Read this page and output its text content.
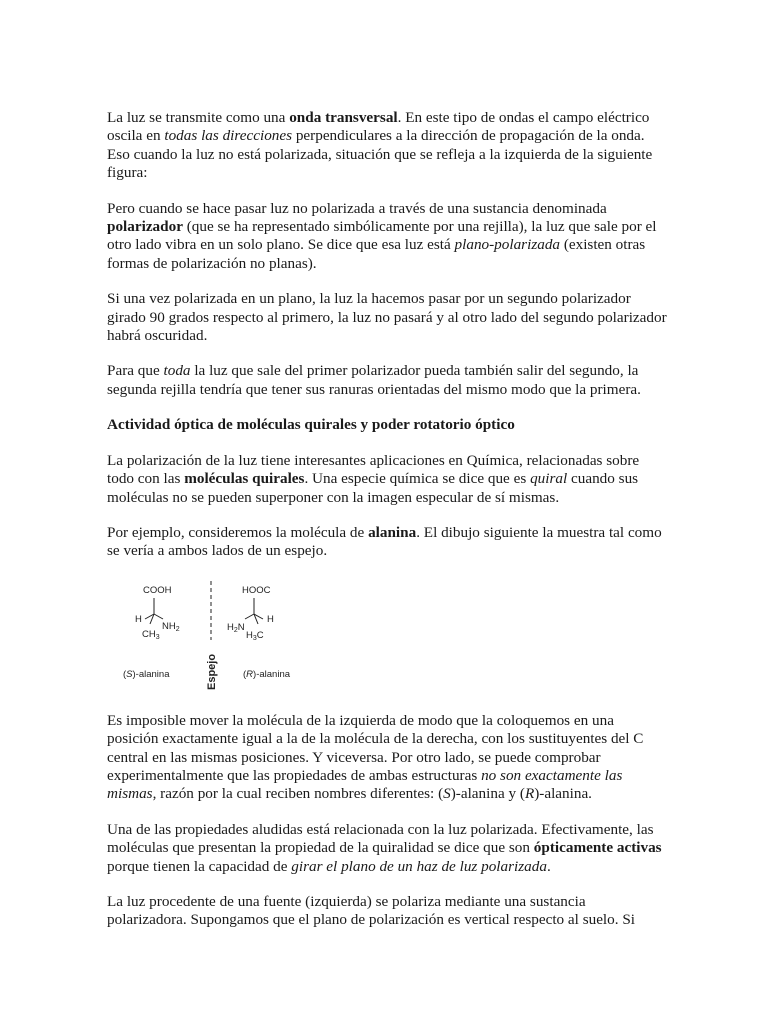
La luz se transmite como una onda transversal. En este tipo de ondas el campo eléctrico oscila en todas las direcciones perpendiculares a la dirección de propagación de la onda. Eso cuando la luz no está polarizada, situación que se refleja a la izquierda de la siguiente figura:

Pero cuando se hace pasar luz no polarizada a través de una sustancia denominada polarizador (que se ha representado simbólicamente por una rejilla), la luz que sale por el otro lado vibra en un solo plano. Se dice que esa luz está plano-polarizada (existen otras formas de polarización no planas).

Si una vez polarizada en un plano, la luz la hacemos pasar por un segundo polarizador girado 90 grados respecto al primero, la luz no pasará y al otro lado del segundo polarizador habrá oscuridad.

Para que toda la luz que sale del primer polarizador pueda también salir del segundo, la segunda rejilla tendría que tener sus ranuras orientadas del mismo modo que la primera.

Actividad óptica de moléculas quirales y poder rotatorio óptico

La polarización de la luz tiene interesantes aplicaciones en Química, relacionadas sobre todo con las moléculas quirales. Una especie química se dice que es quiral cuando sus moléculas no se pueden superponer con la imagen especular de sí mismas.

Por ejemplo, consideremos la molécula de alanina. El dibujo siguiente la muestra tal como se vería a ambos lados de un espejo.

COOH
H
$NH_2$
$CH_3$
(S)-alanina	Espejo
HOOC
H
$H_2N$
$H_3C$
(R)-alanina

Es imposible mover la molécula de la izquierda de modo que la coloquemos en una posición exactamente igual a la de la molécula de la derecha, con los sustituyentes del C central en las mismas posiciones. Y viceversa. Por otro lado, se puede comprobar experimentalmente que las propiedades de ambas estructuras no son exactamente las mismas, razón por la cual reciben nombres diferentes: (S)-alanina y (R)-alanina.

Una de las propiedades aludidas está relacionada con la luz polarizada. Efectivamente, las moléculas que presentan la propiedad de la quiralidad se dice que son ópticamente activas porque tienen la capacidad de girar el plano de un haz de luz polarizada.

La luz procedente de una fuente (izquierda) se polariza mediante una sustancia polarizadora. Supongamos que el plano de polarización es vertical respecto al suelo. Si
